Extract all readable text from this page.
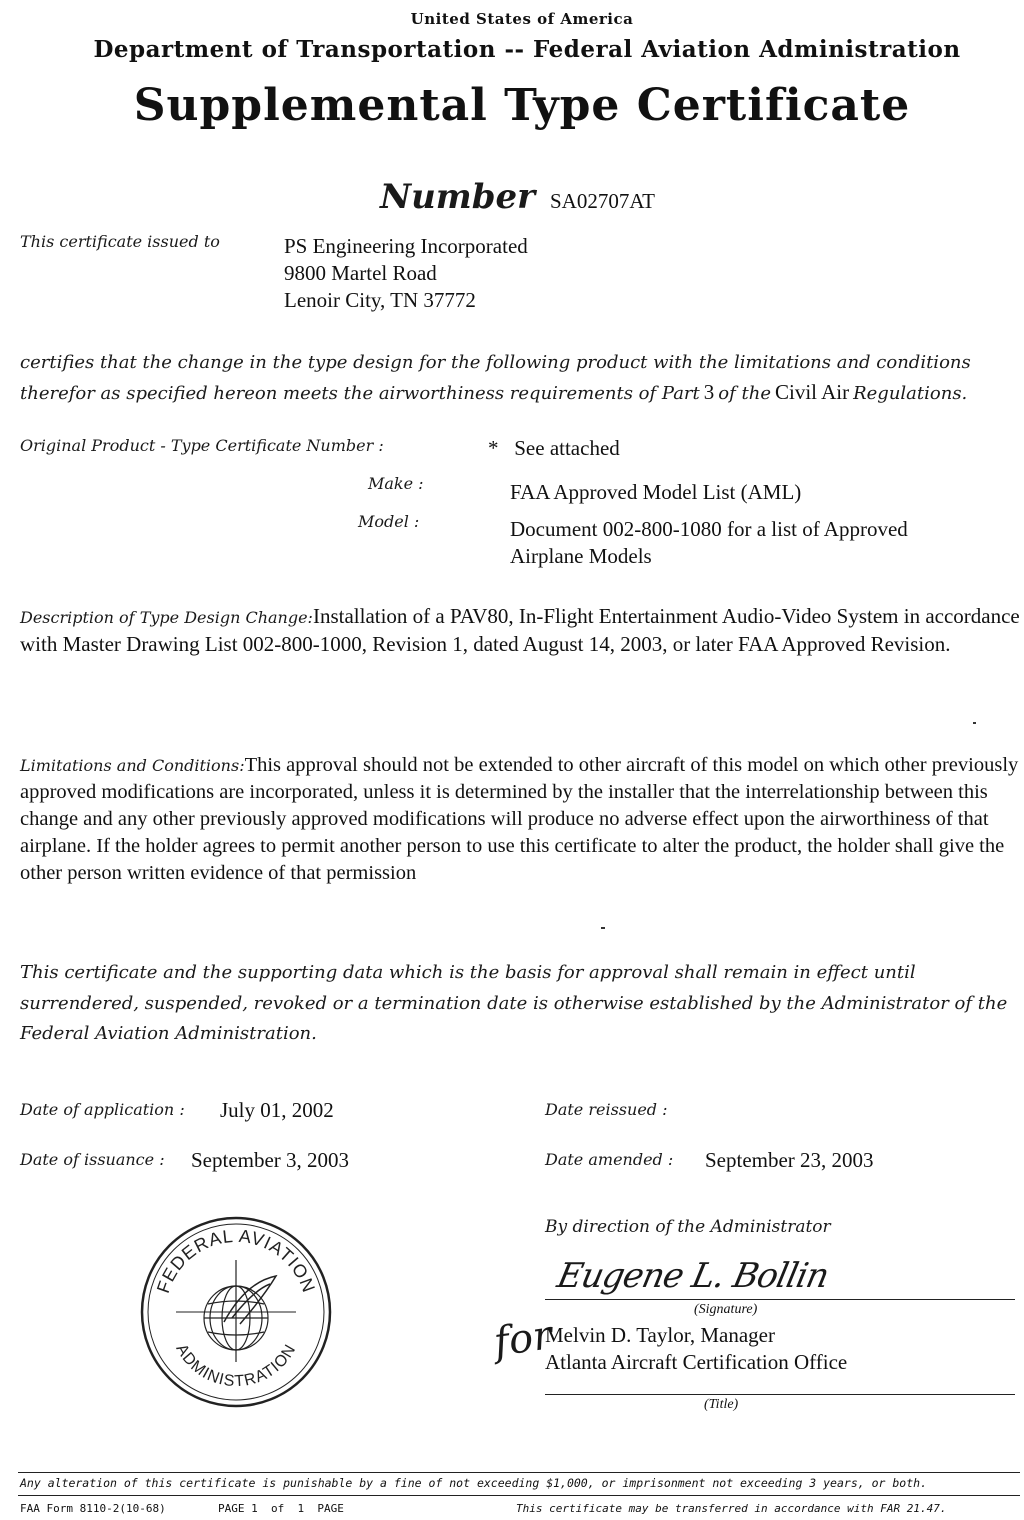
United States of America
Department of Transportation -- Federal Aviation Administration
Supplemental Type Certificate
Number SA02707AT
This certificate issued to	PS Engineering Incorporated
9800 Martel Road
Lenoir City, TN 37772
certifies that the change in the type design for the following product with the limitations and conditions
therefor as specified hereon meets the airworthiness requirements of Part 3 of the Civil Air Regulations.
Original Product - Type Certificate Number :	*   See attached
Make :	FAA Approved Model List (AML)
Model :	Document 002-800-1080 for a list of Approved
Airplane Models
Description of Type Design Change:Installation of a PAV80, In-Flight Entertainment Audio-Video System in accordance with Master Drawing List 002-800-1000, Revision 1, dated August 14, 2003, or later FAA Approved Revision.
Limitations and Conditions:This approval should not be extended to other aircraft of this model on which other previously approved modifications are incorporated, unless it is determined by the installer that the interrelationship between this change and any other previously approved modifications will produce no adverse effect upon the airworthiness of that airplane. If the holder agrees to permit another person to use this certificate to alter the product, the holder shall give the other person written evidence of that permission
This certificate and the supporting data which is the basis for approval shall remain in effect until
surrendered, suspended, revoked or a termination date is otherwise established by the Administrator of the
Federal Aviation Administration.
Date of application : July 01, 2002
Date of issuance : September 3, 2003
Date reissued :
Date amended : September 23, 2003
By direction of the Administrator
Eugene L. Bollin
(Signature)
for
Melvin D. Taylor, Manager
Atlanta Aircraft Certification Office
(Title)
FEDERAL AVIATION
ADMINISTRATION
Any alteration of this certificate is punishable by a fine of not exceeding $1,000, or imprisonment not exceeding 3 years, or both.
FAA Form 8110-2(10-68)	PAGE 1  of  1  PAGE	This certificate may be transferred in accordance with FAR 21.47.
